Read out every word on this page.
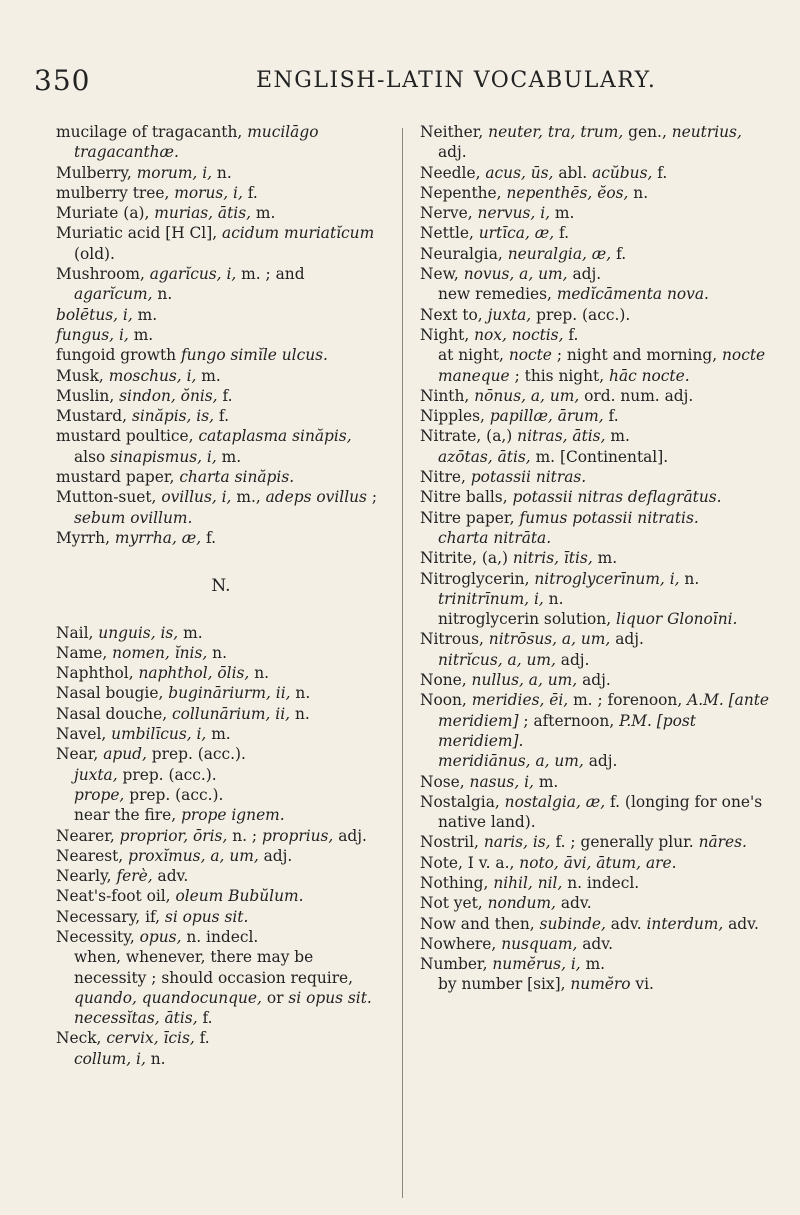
350	ENGLISH-LATIN VOCABULARY.
mucilage of tragacanth, mucilāgo tragacanthæ.
Mulberry, morum, i, n.
mulberry tree, morus, i, f.
Muriate (a), murias, ātis, m.
Muriatic acid [H Cl], acidum muriatĭcum (old).
Mushroom, agarĭcus, i, m. ; and agarĭcum, n.
bolētus, i, m.
fungus, i, m.
fungoid growth fungo simĭle ulcus.
Musk, moschus, i, m.
Muslin, sindon, ŏnis, f.
Mustard, sinăpis, is, f.
mustard poultice, cataplasma sinăpis, also sinapismus, i, m.
mustard paper, charta sinăpis.
Mutton-suet, ovillus, i, m., adeps ovillus ; sebum ovillum.
Myrrh, myrrha, æ, f.
N.
Nail, unguis, is, m.
Name, nomen, ĭnis, n.
Naphthol, naphthol, ōlis, n.
Nasal bougie, bugināriurm, ii, n.
Nasal douche, collunārium, ii, n.
Navel, umbilīcus, i, m.
Near, apud, prep. (acc.).
juxta, prep. (acc.).
prope, prep. (acc.).
near the fire, prope ignem.
Nearer, proprior, ōris, n. ; proprius, adj.
Nearest, proxĭmus, a, um, adj.
Nearly, ferè, adv.
Neat's-foot oil, oleum Bubŭlum.
Necessary, if, si opus sit.
Necessity, opus, n. indecl.
when, whenever, there may be necessity ; should occasion require, quando, quandocunque, or si opus sit.
necessĭtas, ātis, f.
Neck, cervix, īcis, f.
collum, i, n.
Neither, neuter, tra, trum, gen., neutrius, adj.
Needle, acus, ūs, abl. acŭbus, f.
Nepenthe, nepenthēs, ĕos, n.
Nerve, nervus, i, m.
Nettle, urtīca, æ, f.
Neuralgia, neuralgia, æ, f.
New, novus, a, um, adj.
new remedies, medĭcāmenta nova.
Next to, juxta, prep. (acc.).
Night, nox, noctis, f.
at night, nocte ; night and morning, nocte maneque ; this night, hāc nocte.
Ninth, nōnus, a, um, ord. num. adj.
Nipples, papillæ, ārum, f.
Nitrate, (a,) nitras, ātis, m.
azōtas, ātis, m. [Continental].
Nitre, potassii nitras.
Nitre balls, potassii nitras deflagrātus.
Nitre paper, fumus potassii nitratis.
charta nitrāta.
Nitrite, (a,) nitris, ītis, m.
Nitroglycerin, nitroglycerīnum, i, n.
trinitrīnum, i, n.
nitroglycerin solution, liquor Glonoīni.
Nitrous, nitrōsus, a, um, adj.
nitrĭcus, a, um, adj.
None, nullus, a, um, adj.
Noon, meridies, ēi, m. ; forenoon, A.M. [ante meridiem] ; afternoon, P.M. [post meridiem].
meridiānus, a, um, adj.
Nose, nasus, i, m.
Nostalgia, nostalgia, æ, f. (longing for one's native land).
Nostril, naris, is, f. ; generally plur. nāres.
Note, I v. a., noto, āvi, ātum, are.
Nothing, nihil, nil, n. indecl.
Not yet, nondum, adv.
Now and then, subinde, adv. interdum, adv.
Nowhere, nusquam, adv.
Number, numĕrus, i, m.
by number [six], numĕro vi.
